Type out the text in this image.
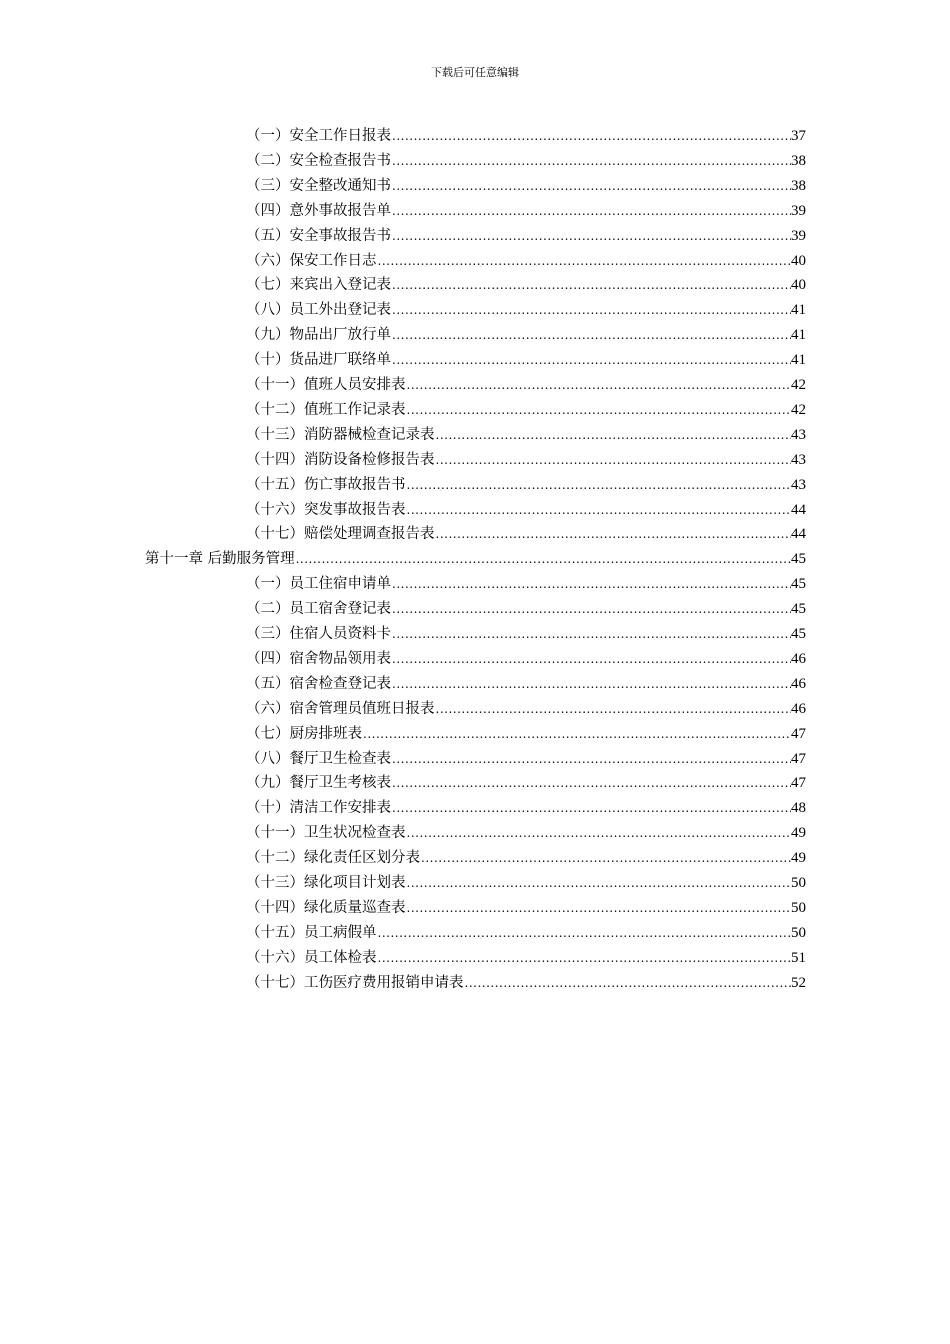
下载后可任意编辑
（一）安全工作日报表 .....	37
（二）安全检查报告书 .....	38
（三）安全整改通知书 .....	38
（四）意外事故报告单 .....	39
（五）安全事故报告书 .....	39
（六）保安工作日志 .....	40
（七）来宾出入登记表 .....	40
（八）员工外出登记表 .....	41
（九）物品出厂放行单 .....	41
（十）货品进厂联络单 .....	41
（十一）值班人员安排表 .....	42
（十二）值班工作记录表 .....	42
（十三）消防器械检查记录表 .....	43
（十四）消防设备检修报告表 .....	43
（十五）伤亡事故报告书 .....	43
（十六）突发事故报告表 .....	44
（十七）赔偿处理调查报告表 .....	44
第十一章 后勤服务管理 .....	45
（一）员工住宿申请单 .....	45
（二）员工宿舍登记表 .....	45
（三）住宿人员资料卡 .....	45
（四）宿舍物品领用表 .....	46
（五）宿舍检查登记表 .....	46
（六）宿舍管理员值班日报表 .....	46
（七）厨房排班表 .....	47
（八）餐厅卫生检查表 .....	47
（九）餐厅卫生考核表 .....	47
（十）清洁工作安排表 .....	48
（十一）卫生状况检查表 .....	49
（十二）绿化责任区划分表 .....	49
（十三）绿化项目计划表 .....	50
（十四）绿化质量巡查表 .....	50
（十五）员工病假单 .....	50
（十六）员工体检表 .....	51
（十七）工伤医疗费用报销申请表 .....	52
